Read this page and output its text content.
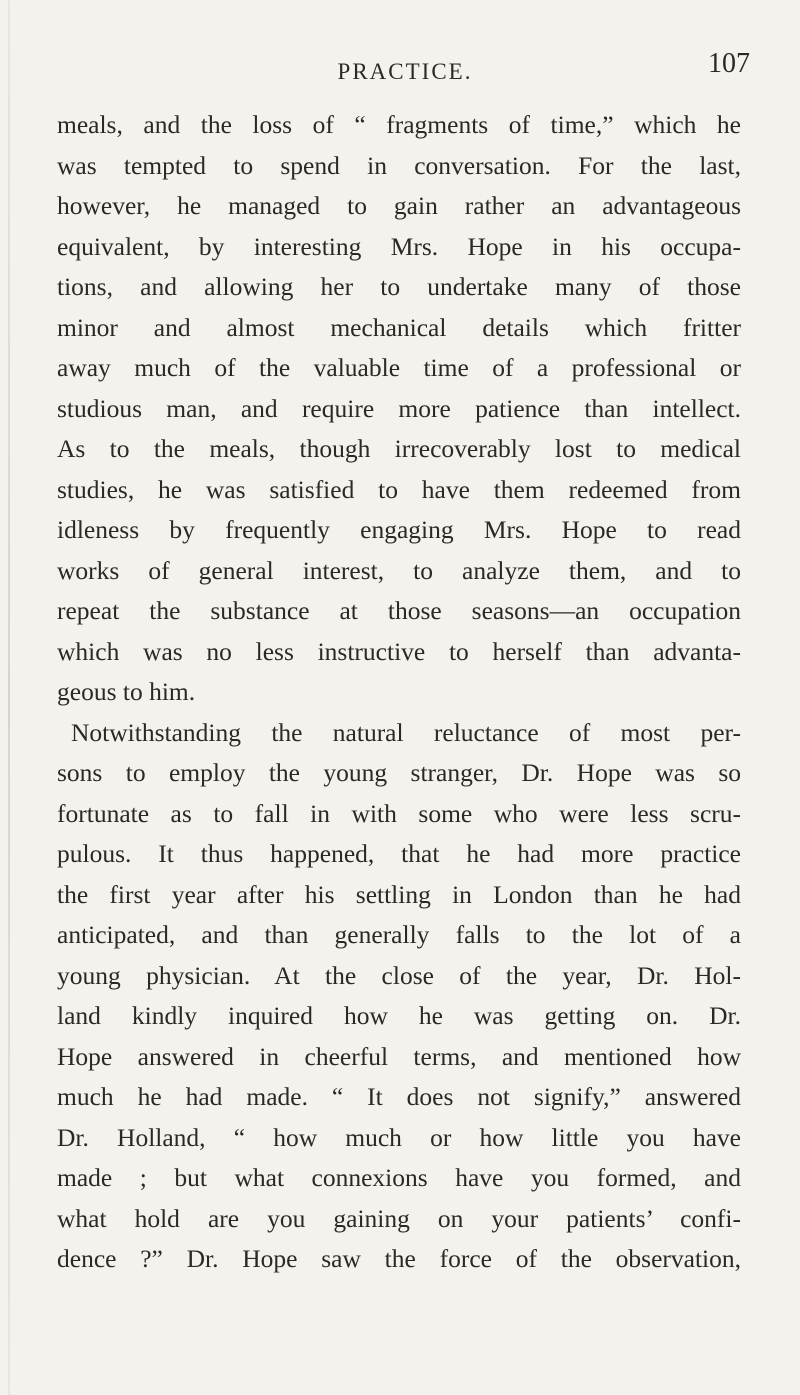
PRACTICE.	107
meals, and the loss of “ fragments of time,” which he
was tempted to spend in conversation. For the last,
however, he managed to gain rather an advantageous
equivalent, by interesting Mrs. Hope in his occupa-
tions, and allowing her to undertake many of those
minor and almost mechanical details which fritter
away much of the valuable time of a professional or
studious man, and require more patience than intellect.
As to the meals, though irrecoverably lost to medical
studies, he was satisfied to have them redeemed from
idleness by frequently engaging Mrs. Hope to read
works of general interest, to analyze them, and to
repeat the substance at those seasons—an occupation
which was no less instructive to herself than advanta-
geous to him.
Notwithstanding the natural reluctance of most per-
sons to employ the young stranger, Dr. Hope was so
fortunate as to fall in with some who were less scru-
pulous. It thus happened, that he had more practice
the first year after his settling in London than he had
anticipated, and than generally falls to the lot of a
young physician. At the close of the year, Dr. Hol-
land kindly inquired how he was getting on. Dr.
Hope answered in cheerful terms, and mentioned how
much he had made. “ It does not signify,” answered
Dr. Holland, “ how much or how little you have
made ; but what connexions have you formed, and
what hold are you gaining on your patients’ confi-
dence ?” Dr. Hope saw the force of the observation,
